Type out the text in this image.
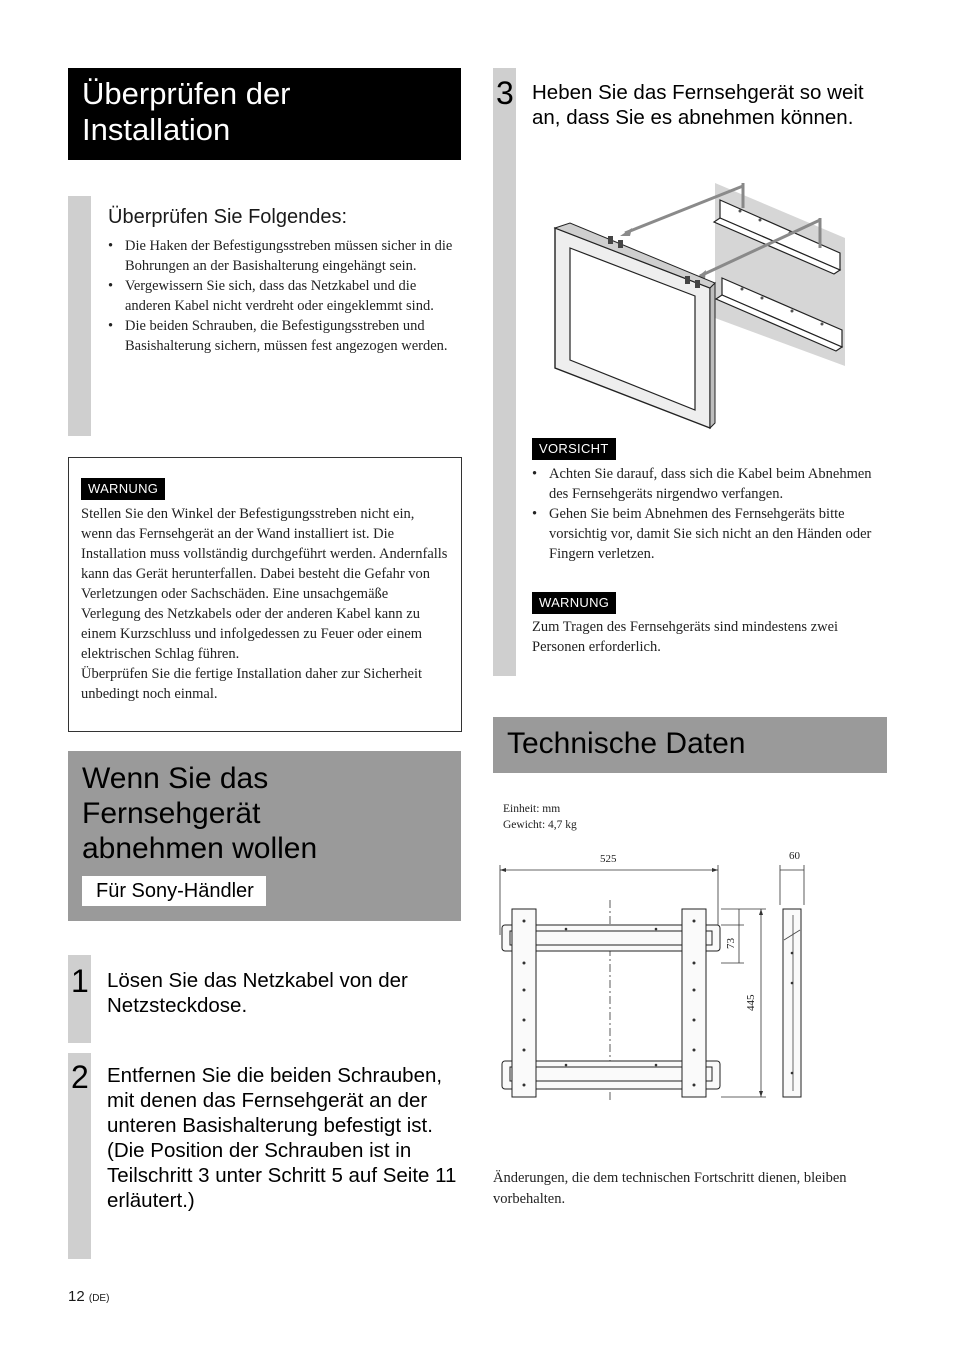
Überprüfen der
Installation
Überprüfen Sie Folgendes:
• Die Haken der Befestigungsstreben müssen sicher in die Bohrungen an der Basishalterung eingehängt sein.
• Vergewissern Sie sich, dass das Netzkabel und die anderen Kabel nicht verdreht oder eingeklemmt sind.
• Die beiden Schrauben, die Befestigungsstreben und Basishalterung sichern, müssen fest angezogen werden.
WARNUNG

Stellen Sie den Winkel der Befestigungsstreben nicht ein, wenn das Fernsehgerät an der Wand installiert ist. Die Installation muss vollständig durchgeführt werden. Andernfalls kann das Gerät herunterfallen. Dabei besteht die Gefahr von Verletzungen oder Sachschäden. Eine unsachgemäße Verlegung des Netzkabels oder der anderen Kabel kann zu einem Kurzschluss und infolgedessen zu Feuer oder einem elektrischen Schlag führen.

Überprüfen Sie die fertige Installation daher zur Sicherheit unbedingt noch einmal.

Wenn Sie das
Fernsehgerät
abnehmen wollen
Für Sony-Händler
1 Lösen Sie das Netzkabel von der Netzsteckdose.

2 Entfernen Sie die beiden Schrauben, mit denen das Fernsehgerät an der unteren Basishalterung befestigt ist. (Die Position der Schrauben ist in Teilschritt 3 unter Schritt 5 auf Seite 11 erläutert.)

12 (DE)
3 Heben Sie das Fernsehgerät so weit an, dass Sie es abnehmen können.

VORSICHT
• Achten Sie darauf, dass sich die Kabel beim Abnehmen des Fernsehgeräts nirgendwo verfangen.
• Gehen Sie beim Abnehmen des Fernsehgeräts bitte vorsichtig vor, damit Sie sich nicht an den Händen oder Fingern verletzen.
WARNUNG

Zum Tragen des Fernsehgeräts sind mindestens zwei Personen erforderlich.

Technische Daten
Einheit: mm
Gewicht: 4,7 kg
525	60
73
445

Änderungen, die dem technischen Fortschritt dienen, bleiben vorbehalten.
